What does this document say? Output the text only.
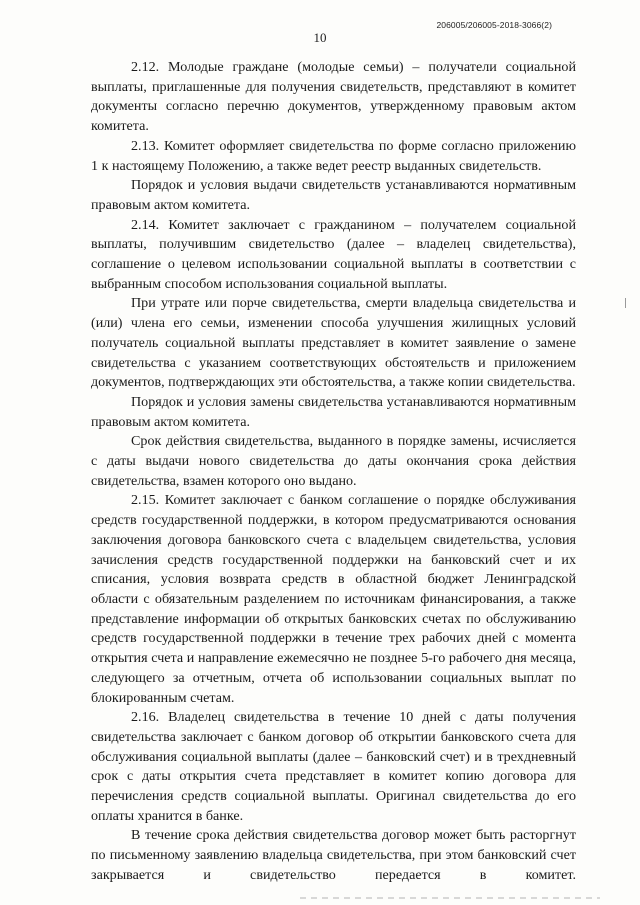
206005/206005-2018-3066(2)
10

2.12. Молодые граждане (молодые семьи) – получатели социальной выплаты, приглашенные для получения свидетельств, представляют в комитет документы согласно перечню документов, утвержденному правовым актом комитета.

2.13. Комитет оформляет свидетельства по форме согласно приложению 1 к настоящему Положению, а также ведет реестр выданных свидетельств.

Порядок и условия выдачи свидетельств устанавливаются нормативным правовым актом комитета.

2.14. Комитет заключает с гражданином – получателем социальной выплаты, получившим свидетельство (далее – владелец свидетельства), соглашение о целевом использовании социальной выплаты в соответствии с выбранным способом использования социальной выплаты.

При утрате или порче свидетельства, смерти владельца свидетельства и (или) члена его семьи, изменении способа улучшения жилищных условий получатель социальной выплаты представляет в комитет заявление о замене свидетельства с указанием соответствующих обстоятельств и приложением документов, подтверждающих эти обстоятельства, а также копии свидетельства.

Порядок и условия замены свидетельства устанавливаются нормативным правовым актом комитета.

Срок действия свидетельства, выданного в порядке замены, исчисляется с даты выдачи нового свидетельства до даты окончания срока действия свидетельства, взамен которого оно выдано.

2.15. Комитет заключает с банком соглашение о порядке обслуживания средств государственной поддержки, в котором предусматриваются основания заключения договора банковского счета с владельцем свидетельства, условия зачисления средств государственной поддержки на банковский счет и их списания, условия возврата средств в областной бюджет Ленинградской области с обязательным разделением по источникам финансирования, а также представление информации об открытых банковских счетах по обслуживанию средств государственной поддержки в течение трех рабочих дней с момента открытия счета и направление ежемесячно не позднее 5-го рабочего дня месяца, следующего за отчетным, отчета об использовании социальных выплат по блокированным счетам.

2.16. Владелец свидетельства в течение 10 дней с даты получения свидетельства заключает с банком договор об открытии банковского счета для обслуживания социальной выплаты (далее – банковский счет) и в трехдневный срок с даты открытия счета представляет в комитет копию договора для перечисления средств социальной выплаты. Оригинал свидетельства до его оплаты хранится в банке.

В течение срока действия свидетельства договор может быть расторгнут по письменному заявлению владельца свидетельства, при этом банковский счет закрывается и свидетельство передается в комитет.
